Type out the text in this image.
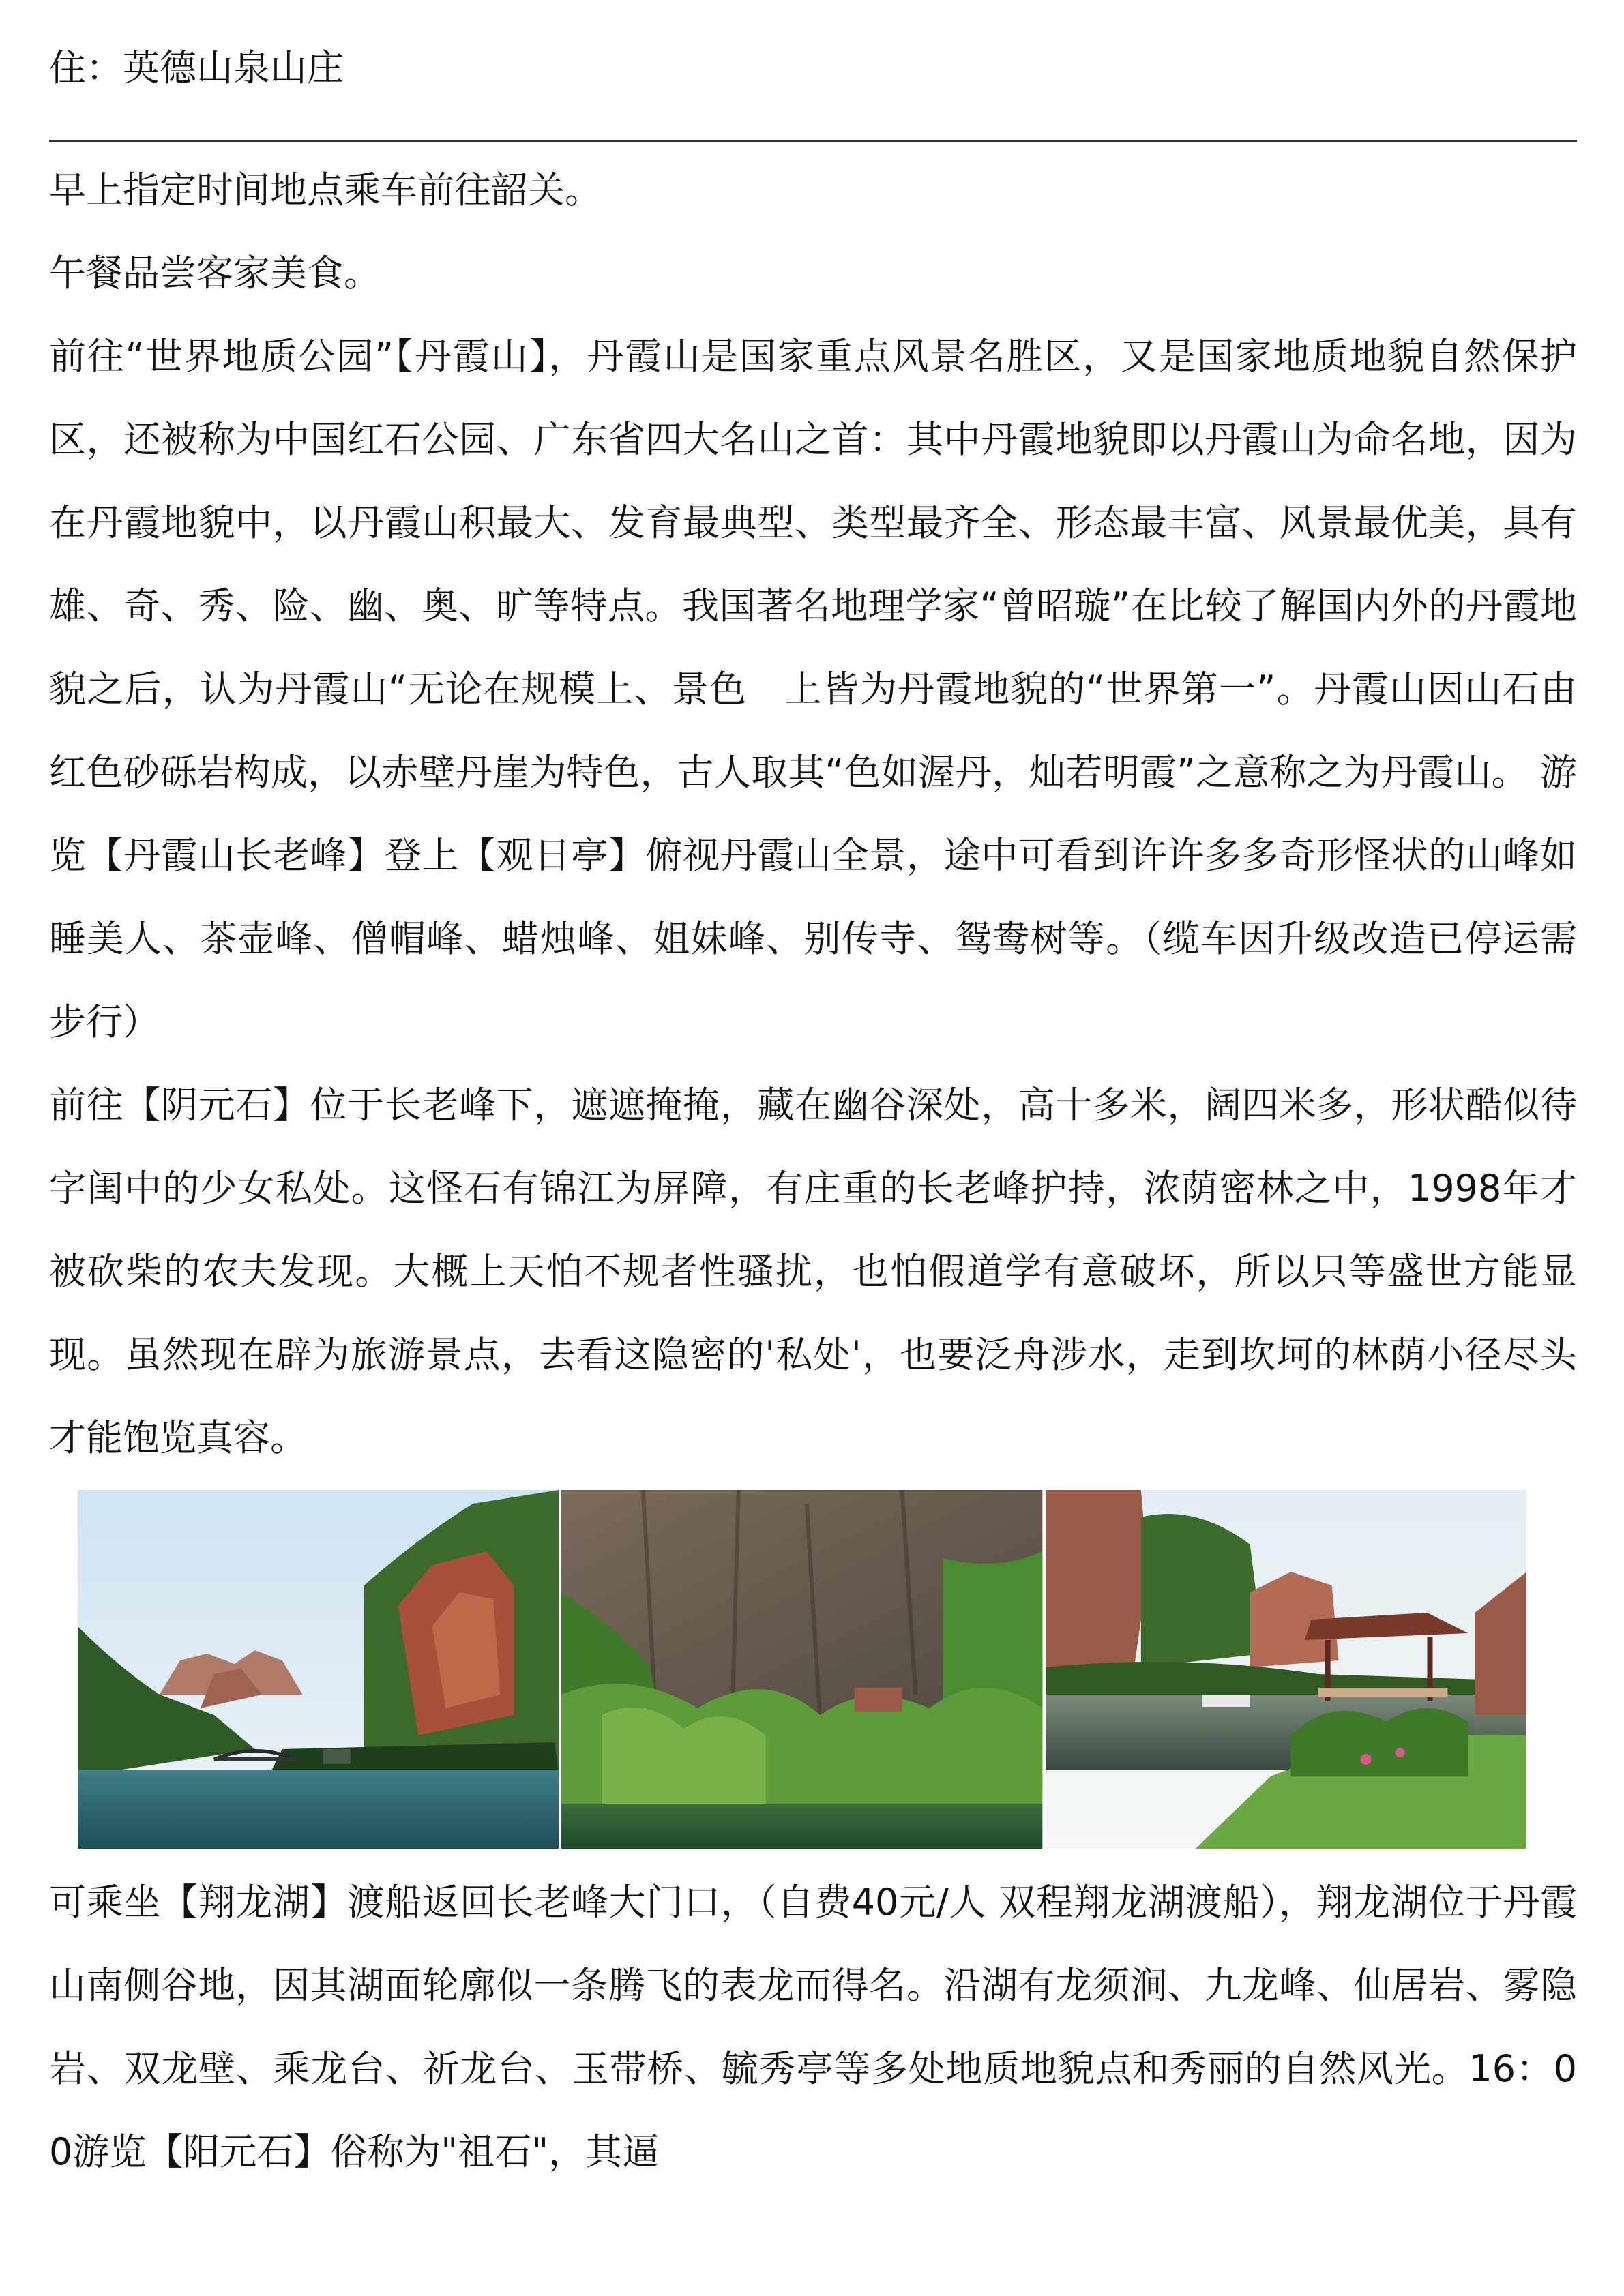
住：英德山泉山庄

早上指定时间地点乘车前往韶关。

午餐品尝客家美食。

前往“世界地质公园”【丹霞山】，丹霞山是国家重点风景名胜区，又是国家地质地貌自然保护区，还被称为中国红石公园、广东省四大名山之首：其中丹霞地貌即以丹霞山为命名地，因为在丹霞地貌中，以丹霞山积最大、发育最典型、类型最齐全、形态最丰富、风景最优美，具有雄、奇、秀、险、幽、奥、旷等特点。我国著名地理学家“曾昭璇”在比较了解国内外的丹霞地貌之后，认为丹霞山“无论在规模上、景色　上皆为丹霞地貌的“世界第一”。丹霞山因山石由红色砂砾岩构成，以赤壁丹崖为特色，古人取其“色如渥丹，灿若明霞”之意称之为丹霞山。 游览【丹霞山长老峰】登上【观日亭】俯视丹霞山全景，途中可看到许许多多奇形怪状的山峰如睡美人、茶壶峰、僧帽峰、蜡烛峰、姐妹峰、别传寺、鸳鸯树等。（缆车因升级改造已停运需步行）

前往【阴元石】位于长老峰下，遮遮掩掩，藏在幽谷深处，高十多米，阔四米多，形状酷似待字闺中的少女私处。这怪石有锦江为屏障，有庄重的长老峰护持，浓荫密林之中，1998年才被砍柴的农夫发现。大概上天怕不规者性骚扰，也怕假道学有意破坏，所以只等盛世方能显现。虽然现在辟为旅游景点，去看这隐密的'私处'，也要泛舟涉水，走到坎坷的林荫小径尽头才能饱览真容。

可乘坐【翔龙湖】渡船返回长老峰大门口，（自费40元/人 双程翔龙湖渡船），翔龙湖位于丹霞山南侧谷地，因其湖面轮廓似一条腾飞的表龙而得名。沿湖有龙须涧、九龙峰、仙居岩、雾隐岩、双龙壁、乘龙台、祈龙台、玉带桥、毓秀亭等多处地质地貌点和秀丽的自然风光。16：00游览【阳元石】俗称为"祖石"，其逼
